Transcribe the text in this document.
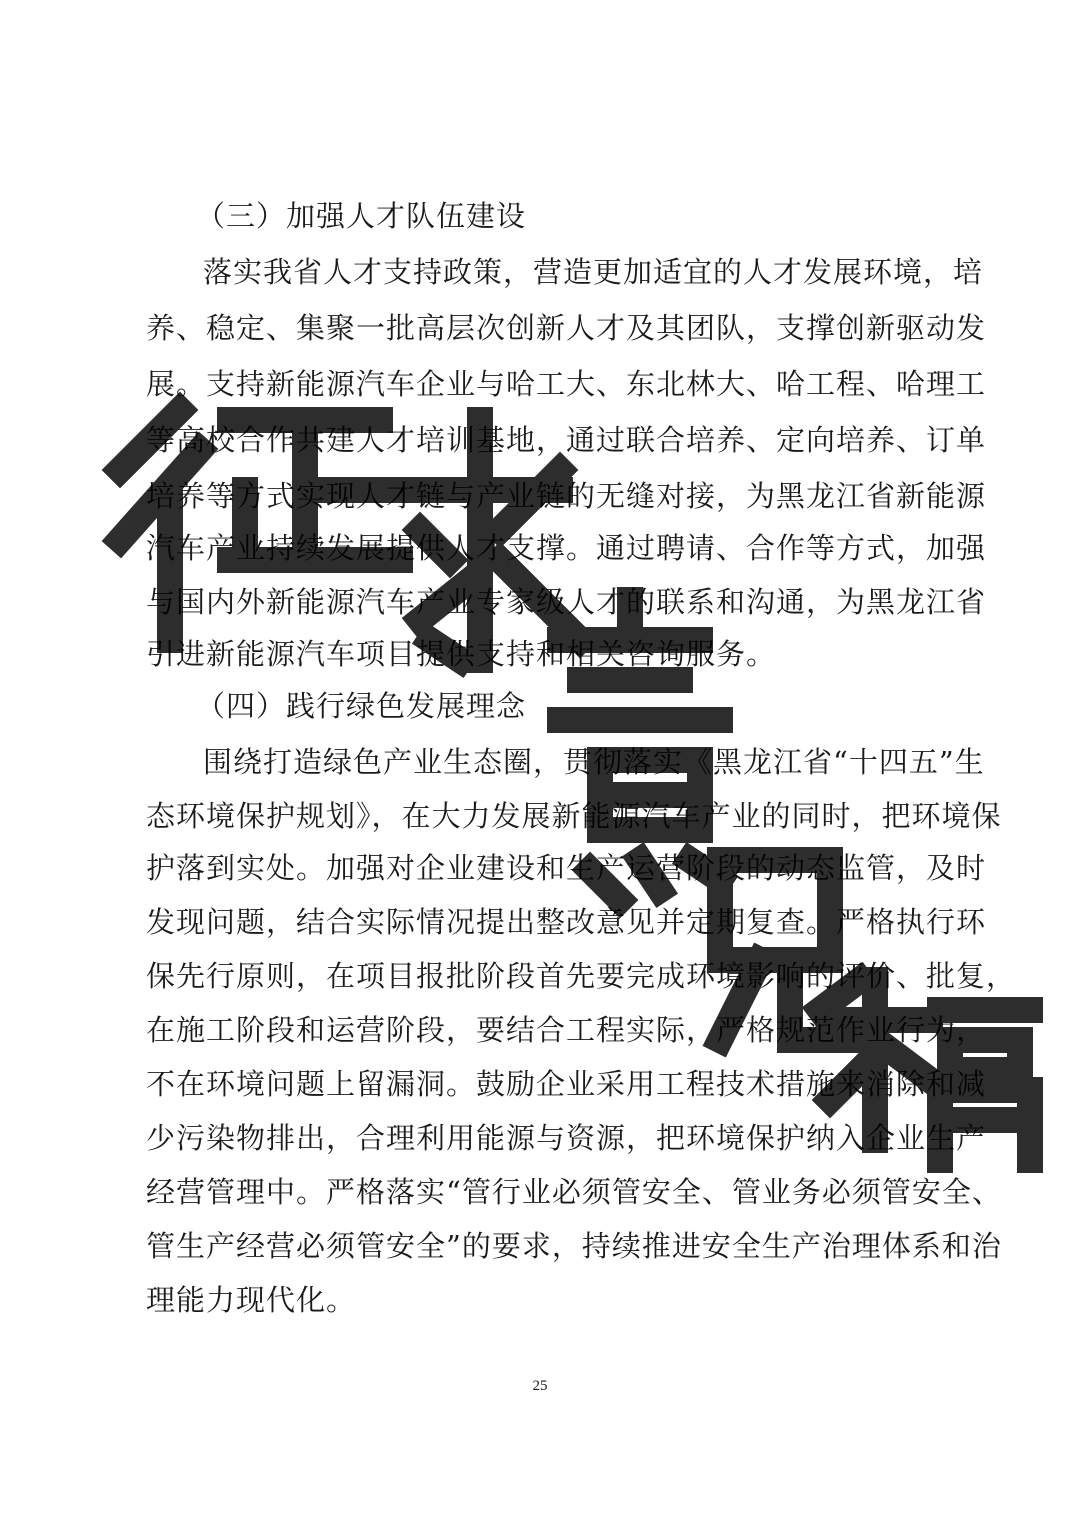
（三）加强人才队伍建设
落实我省人才支持政策，营造更加适宜的人才发展环境，培
养、稳定、集聚一批高层次创新人才及其团队，支撑创新驱动发
展。支持新能源汽车企业与哈工大、东北林大、哈工程、哈理工
等高校合作共建人才培训基地，通过联合培养、定向培养、订单
培养等方式实现人才链与产业链的无缝对接，为黑龙江省新能源
汽车产业持续发展提供人才支撑。通过聘请、合作等方式，加强
与国内外新能源汽车产业专家级人才的联系和沟通，为黑龙江省
引进新能源汽车项目提供支持和相关咨询服务。
（四）践行绿色发展理念
围绕打造绿色产业生态圈，贯彻落实《黑龙江省“十四五”生
态环境保护规划》，在大力发展新能源汽车产业的同时，把环境保
护落到实处。加强对企业建设和生产运营阶段的动态监管，及时
发现问题，结合实际情况提出整改意见并定期复查。严格执行环
保先行原则，在项目报批阶段首先要完成环境影响的评价、批复，
在施工阶段和运营阶段，要结合工程实际，严格规范作业行为，
不在环境问题上留漏洞。鼓励企业采用工程技术措施来消除和减
少污染物排出，合理利用能源与资源，把环境保护纳入企业生产
经营管理中。严格落实“管行业必须管安全、管业务必须管安全、
管生产经营必须管安全”的要求，持续推进安全生产治理体系和治
理能力现代化。
25
